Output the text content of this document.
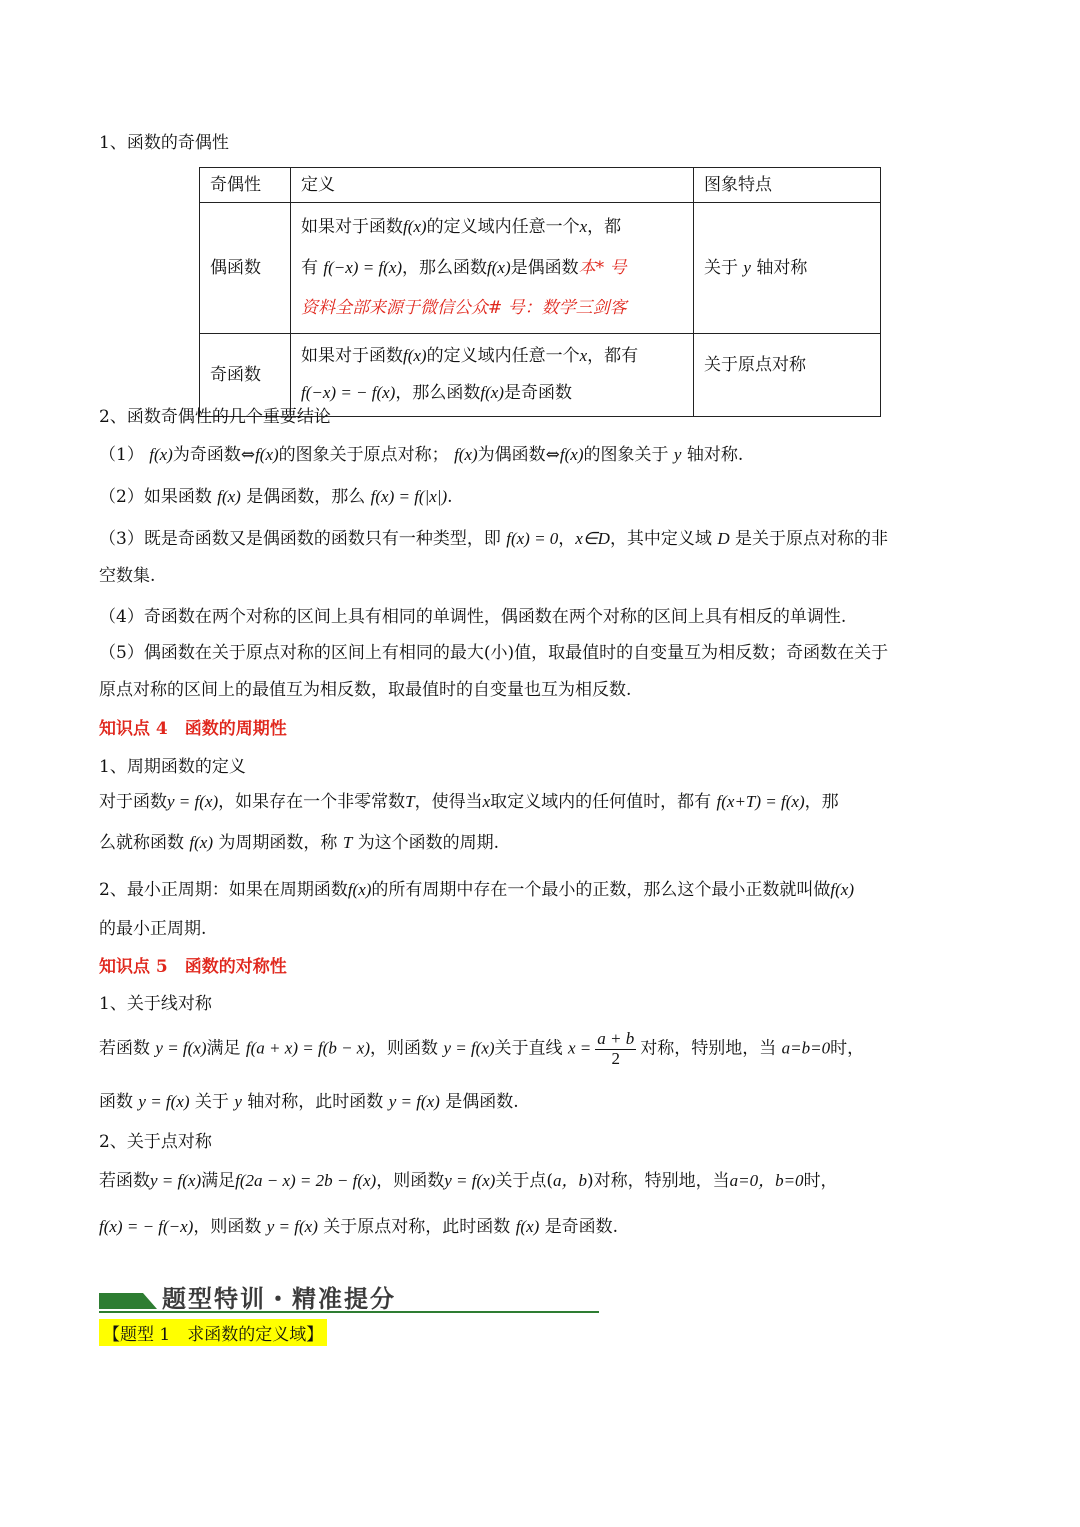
1、函数的奇偶性
奇偶性	定义	图象特点
偶函数	如果对于函数f(x)的定义域内任意一个x，都
有 f(−x) = f(x)，那么函数f(x)是偶函数本* 号
资料全部来源于微信公众# 号：数学三剑客	关于 y 轴对称
奇函数	如果对于函数f(x)的定义域内任意一个x，都有
f(−x) = − f(x)，那么函数f(x)是奇函数	关于原点对称
2、函数奇偶性的几个重要结论
（1） f(x)为奇函数⇔f(x)的图象关于原点对称； f(x)为偶函数⇔f(x)的图象关于 y 轴对称.
（2）如果函数 f(x) 是偶函数，那么 f(x) = f(|x|).
（3）既是奇函数又是偶函数的函数只有一种类型，即 f(x) = 0，x∈D，其中定义域 D 是关于原点对称的非
空数集.
（4）奇函数在两个对称的区间上具有相同的单调性，偶函数在两个对称的区间上具有相反的单调性.
（5）偶函数在关于原点对称的区间上有相同的最大(小)值，取最值时的自变量互为相反数；奇函数在关于
原点对称的区间上的最值互为相反数，取最值时的自变量也互为相反数.
知识点 4　函数的周期性
1、周期函数的定义
对于函数y = f(x)，如果存在一个非零常数T，使得当x取定义域内的任何值时，都有 f(x+T) = f(x)，那
么就称函数 f(x) 为周期函数，称 T 为这个函数的周期.
2、最小正周期：如果在周期函数f(x)的所有周期中存在一个最小的正数，那么这个最小正数就叫做f(x)
的最小正周期.
知识点 5　函数的对称性
1、关于线对称
若函数 y = f(x)满足 f(a + x) = f(b − x)，则函数 y = f(x)关于直线 $x = \frac{a + b}{2}$ 对称，特别地，当 a=b=0时，
函数 y = f(x) 关于 y 轴对称，此时函数 y = f(x) 是偶函数.
2、关于点对称
若函数y = f(x)满足f(2a − x) = 2b − f(x)，则函数y = f(x)关于点(a，b)对称，特别地，当a=0，b=0时，
f(x) = − f(−x)，则函数 y = f(x) 关于原点对称，此时函数 f(x) 是奇函数.
题型特训・精准提分
【题型 1　求函数的定义域】
